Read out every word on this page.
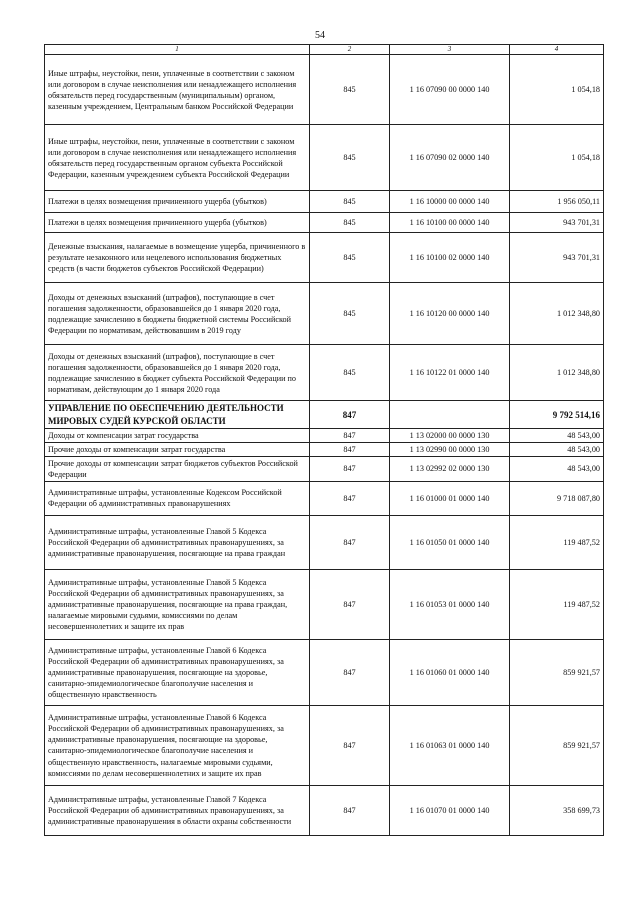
54
1	2	3	4
Иные штрафы, неустойки, пени, уплаченные в соответствии с законом или договором в случае неисполнения или ненадлежащего исполнения обязательств перед государственным (муниципальным) органом, казенным учреждением, Центральным банком Российской Федерации	845	1 16 07090 00 0000 140	1 054,18
Иные штрафы, неустойки, пени, уплаченные в соответствии с законом или договором в случае неисполнения или ненадлежащего исполнения обязательств перед государственным органом субъекта Российской Федерации, казенным учреждением субъекта Российской Федерации	845	1 16 07090 02 0000 140	1 054,18
Платежи в целях возмещения причиненного ущерба (убытков)	845	1 16 10000 00 0000 140	1 956 050,11
Платежи в целях возмещения причиненного ущерба (убытков)	845	1 16 10100 00 0000 140	943 701,31
Денежные взыскания, налагаемые в возмещение ущерба, причиненного в результате незаконного или нецелевого использования бюджетных средств (в части бюджетов субъектов Российской Федерации)	845	1 16 10100 02 0000 140	943 701,31
Доходы от денежных взысканий (штрафов), поступающие в счет погашения задолженности, образовавшейся до 1 января 2020 года, подлежащие зачислению в бюджеты бюджетной системы Российской Федерации по нормативам, действовавшим в 2019 году	845	1 16 10120 00 0000 140	1 012 348,80
Доходы от денежных взысканий (штрафов), поступающие в счет погашения задолженности, образовавшейся до 1 января 2020 года, подлежащие зачислению в бюджет субъекта Российской Федерации по нормативам, действующим до 1 января 2020 года	845	1 16 10122 01 0000 140	1 012 348,80
УПРАВЛЕНИЕ ПО ОБЕСПЕЧЕНИЮ ДЕЯТЕЛЬНОСТИ МИРОВЫХ СУДЕЙ КУРСКОЙ ОБЛАСТИ	847		9 792 514,16
Доходы от компенсации затрат государства	847	1 13 02000 00 0000 130	48 543,00
Прочие доходы от компенсации затрат государства	847	1 13 02990 00 0000 130	48 543,00
Прочие доходы от компенсации затрат бюджетов субъектов Российской Федерации	847	1 13 02992 02 0000 130	48 543,00
Административные штрафы, установленные Кодексом Российской Федерации об административных правонарушениях	847	1 16 01000 01 0000 140	9 718 087,80
Административные штрафы, установленные Главой 5 Кодекса Российской Федерации об административных правонарушениях, за административные правонарушения, посягающие на права граждан	847	1 16 01050 01 0000 140	119 487,52
Административные штрафы, установленные Главой 5 Кодекса Российской Федерации об административных правонарушениях, за административные правонарушения, посягающие на права граждан, налагаемые мировыми судьями, комиссиями по делам несовершеннолетних и защите их прав	847	1 16 01053 01 0000 140	119 487,52
Административные штрафы, установленные Главой 6 Кодекса Российской Федерации об административных правонарушениях, за административные правонарушения, посягающие на здоровье, санитарно-эпидемиологическое благополучие населения и общественную нравственность	847	1 16 01060 01 0000 140	859 921,57
Административные штрафы, установленные Главой 6 Кодекса Российской Федерации об административных правонарушениях, за административные правонарушения, посягающие на здоровье, санитарно-эпидемиологическое благополучие населения и общественную нравственность, налагаемые мировыми судьями, комиссиями по делам несовершеннолетних и защите их прав	847	1 16 01063 01 0000 140	859 921,57
Административные штрафы, установленные Главой 7 Кодекса Российской Федерации об административных правонарушениях, за административные правонарушения в области охраны собственности	847	1 16 01070 01 0000 140	358 699,73
